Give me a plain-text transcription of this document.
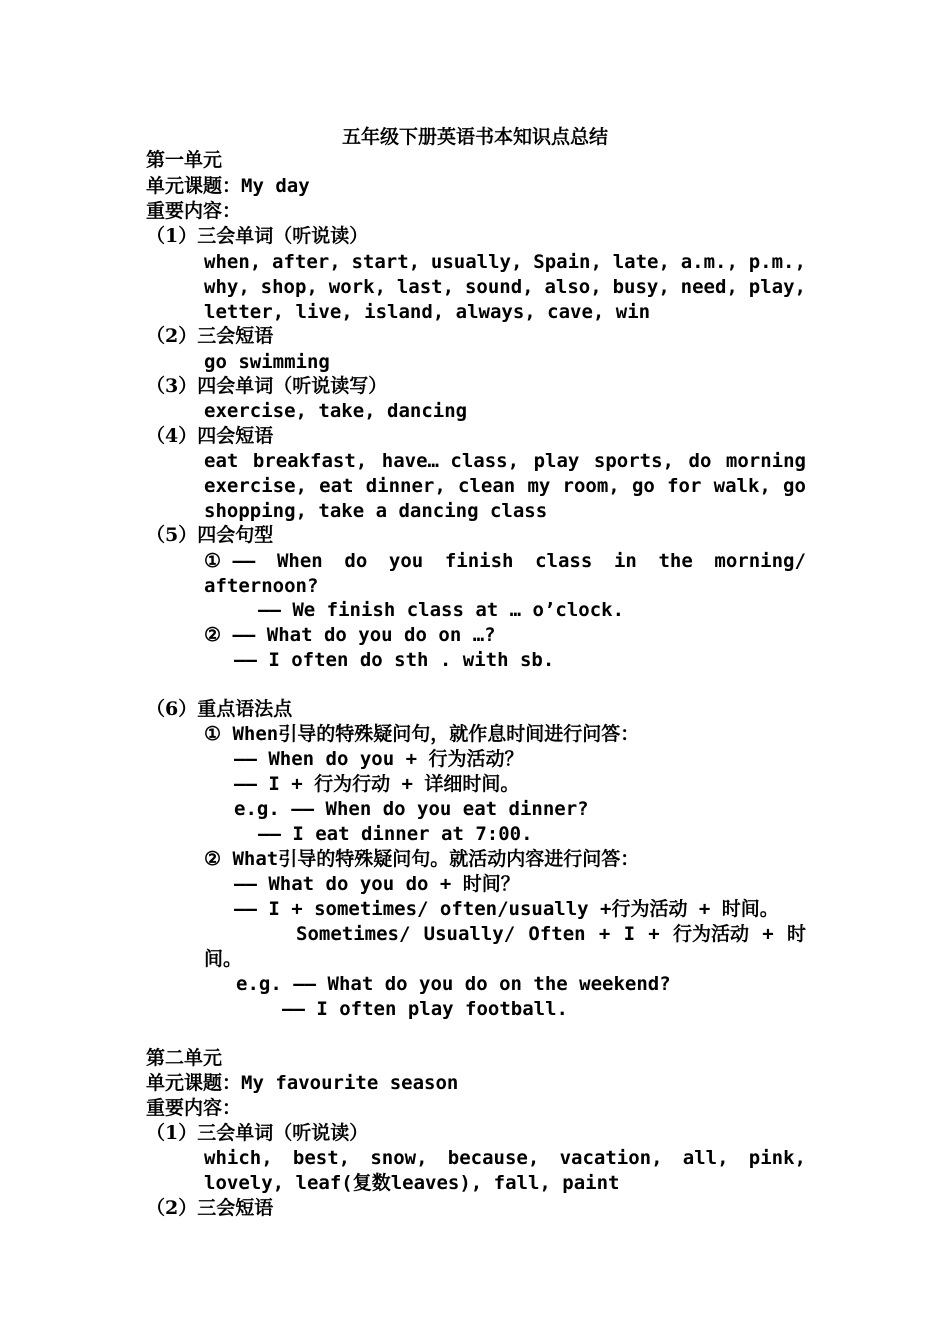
五年级下册英语书本知识点总结
第一单元
单元课题：My day
重要内容：
（1）三会单词（听说读）
when, after, start, usually, Spain, late, a.m., p.m.,
why, shop, work, last, sound, also, busy, need, play,
letter, live, island, always, cave, win
（2）三会短语
go swimming
（3）四会单词（听说读写）
exercise, take, dancing
（4）四会短语
eat breakfast, have… class, play sports, do morning
exercise, eat dinner, clean my room, go for walk, go
shopping, take a dancing class
（5）四会句型
① —— When do you finish class in the morning/
afternoon?
—— We finish class at … o’clock.
② —— What do you do on …?
—— I often do sth . with sb.
（6）重点语法点
① When引导的特殊疑问句，就作息时间进行问答：
—— When do you + 行为活动？
—— I + 行为行动 + 详细时间。
e.g. —— When do you eat dinner?
—— I eat dinner at 7:00.
② What引导的特殊疑问句。就活动内容进行问答：
—— What do you do + 时间？
—— I + sometimes/ often/usually +行为活动 + 时间。
Sometimes/ Usually/ Often + I + 行为活动 + 时
间。
e.g. —— What do you do on the weekend?
—— I often play football.
第二单元
单元课题：My favourite season
重要内容：
（1）三会单词（听说读）
which, best, snow, because, vacation, all, pink,
lovely, leaf(复数leaves), fall, paint
（2）三会短语
